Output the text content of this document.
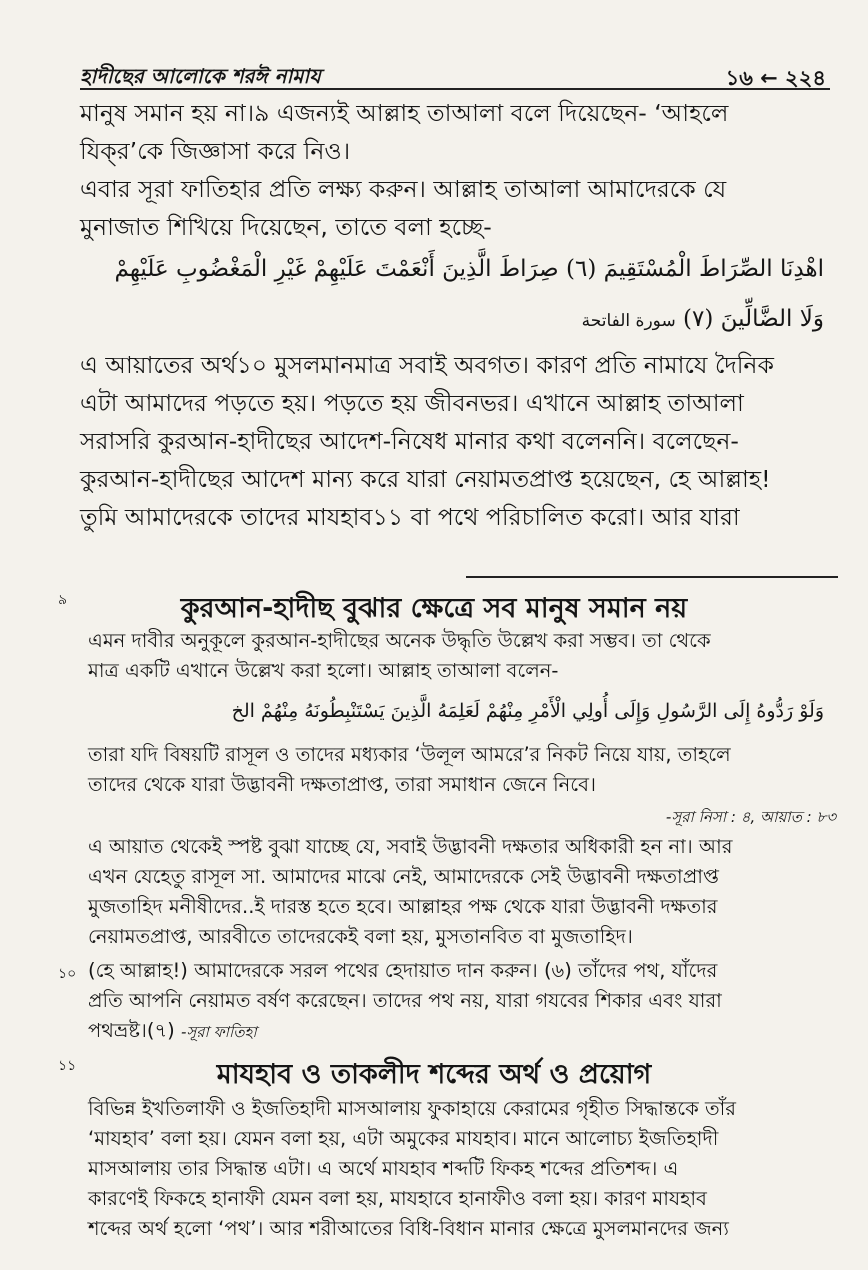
হাদীছের আলোকে শরঈ নামায	১৬ ← ২২৪
মানুষ সমান হয় না।৯ এজন্যই আল্লাহ তাআলা বলে দিয়েছেন- ‘আহলে
যিক্‌র’কে জিজ্ঞাসা করে নিও।
এবার সূরা ফাতিহার প্রতি লক্ষ্য করুন। আল্লাহ তাআলা আমাদেরকে যে
মুনাজাত শিখিয়ে দিয়েছেন, তাতে বলা হচ্ছে-
اهْدِنَا الصِّرَاطَ الْمُسْتَقِيمَ (٦) صِرَاطَ الَّذِينَ أَنْعَمْتَ عَلَيْهِمْ غَيْرِ الْمَغْضُوبِ عَلَيْهِمْ
وَلَا الضَّالِّينَ (٧) سورة الفاتحة
এ আয়াতের অর্থ১০ মুসলমানমাত্র সবাই অবগত। কারণ প্রতি নামাযে দৈনিক
এটা আমাদের পড়তে হয়। পড়তে হয় জীবনভর। এখানে আল্লাহ তাআলা
সরাসরি কুরআন-হাদীছের আদেশ-নিষেধ মানার কথা বলেননি। বলেছেন-
কুরআন-হাদীছের আদেশ মান্য করে যারা নেয়ামতপ্রাপ্ত হয়েছেন, হে আল্লাহ!
তুমি আমাদেরকে তাদের মাযহাব১১ বা পথে পরিচালিত করো। আর যারা
৯	কুরআন-হাদীছ বুঝার ক্ষেত্রে সব মানুষ সমান নয়
এমন দাবীর অনুকূলে কুরআন-হাদীছের অনেক উদ্ধৃতি উল্লেখ করা সম্ভব। তা থেকে
মাত্র একটি এখানে উল্লেখ করা হলো। আল্লাহ তাআলা বলেন-
وَلَوْ رَدُّوهُ إِلَى الرَّسُولِ وَإِلَى أُولِي الْأَمْرِ مِنْهُمْ لَعَلِمَهُ الَّذِينَ يَسْتَنْبِطُونَهُ مِنْهُمْ الخ
তারা যদি বিষয়টি রাসূল ও তাদের মধ্যকার ‘উলূল আমরে’র নিকট নিয়ে যায়, তাহলে
তাদের থেকে যারা উদ্ভাবনী দক্ষতাপ্রাপ্ত, তারা সমাধান জেনে নিবে।
-সূরা নিসা : ৪, আয়াত : ৮৩
এ আয়াত থেকেই স্পষ্ট বুঝা যাচ্ছে যে, সবাই উদ্ভাবনী দক্ষতার অধিকারী হন না। আর
এখন যেহেতু রাসূল সা. আমাদের মাঝে নেই, আমাদেরকে সেই উদ্ভাবনী দক্ষতাপ্রাপ্ত
মুজতাহিদ মনীষীদের..ই দারস্ত হতে হবে। আল্লাহর পক্ষ থেকে যারা উদ্ভাবনী দক্ষতার
নেয়ামতপ্রাপ্ত, আরবীতে তাদেরকেই বলা হয়, মুসতানবিত বা মুজতাহিদ।
১০ (হে আল্লাহ!) আমাদেরকে সরল পথের হেদায়াত দান করুন। (৬) তাঁদের পথ, যাঁদের
প্রতি আপনি নেয়ামত বর্ষণ করেছেন। তাদের পথ নয়, যারা গযবের শিকার এবং যারা
পথভ্রষ্ট।(৭) -সূরা ফাতিহা
১১	মাযহাব ও তাকলীদ শব্দের অর্থ ও প্রয়োগ
বিভিন্ন ইখতিলাফী ও ইজতিহাদী মাসআলায় ফুকাহায়ে কেরামের গৃহীত সিদ্ধান্তকে তাঁর
‘মাযহাব’ বলা হয়। যেমন বলা হয়, এটা অমুকের মাযহাব। মানে আলোচ্য ইজতিহাদী
মাসআলায় তার সিদ্ধান্ত এটা। এ অর্থে মাযহাব শব্দটি ফিকহ শব্দের প্রতিশব্দ। এ
কারণেই ফিকহে হানাফী যেমন বলা হয়, মাযহাবে হানাফীও বলা হয়। কারণ মাযহাব
শব্দের অর্থ হলো ‘পথ’। আর শরীআতের বিধি-বিধান মানার ক্ষেত্রে মুসলমানদের জন্য
